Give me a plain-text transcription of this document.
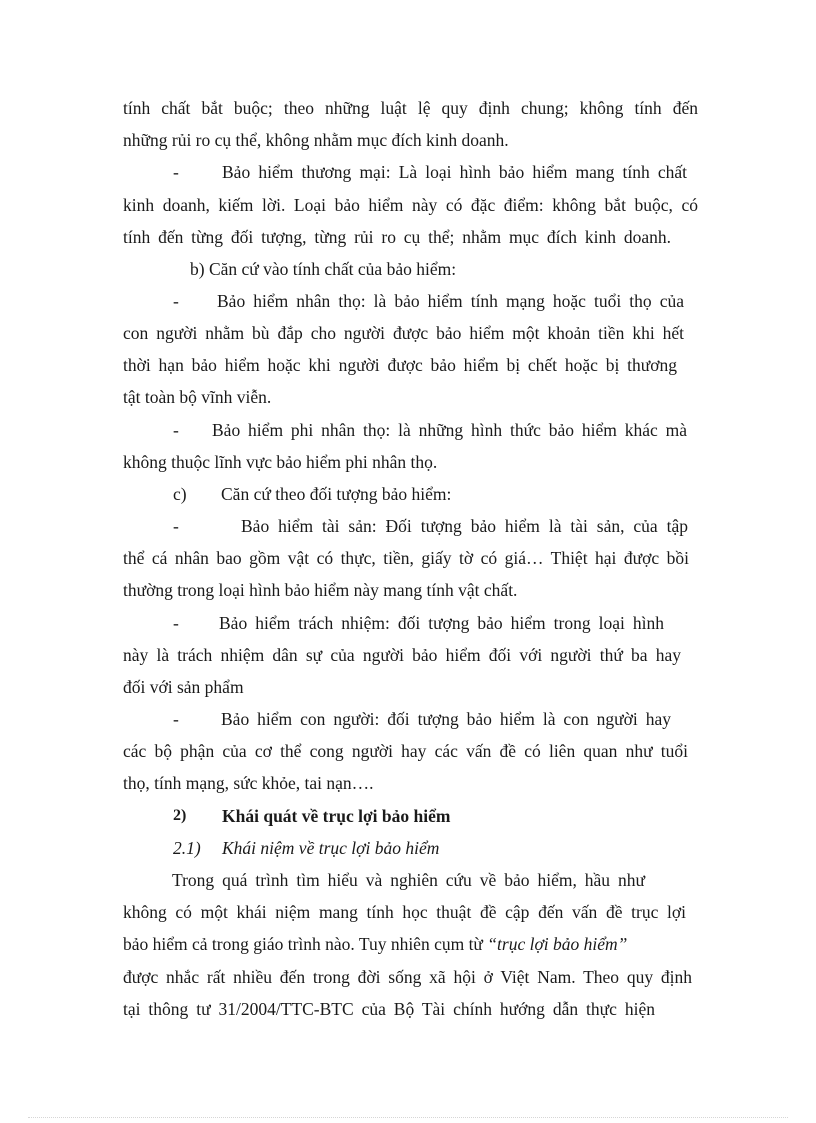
tính chất bắt buộc; theo những luật lệ quy định chung; không tính đến
những rủi ro cụ thể, không nhằm mục đích kinh doanh.
- Bảo hiểm thương mại: Là loại hình bảo hiểm mang tính chất
kinh doanh, kiếm lời. Loại bảo hiểm này có đặc điểm: không bắt buộc, có
tính đến từng đối tượng, từng rủi ro cụ thể; nhằm mục đích kinh doanh.
b) Căn cứ vào tính chất của bảo hiểm:
- Bảo hiểm nhân thọ: là bảo hiểm tính mạng hoặc tuổi thọ của
con người nhằm bù đắp cho người được bảo hiểm một khoản tiền khi hết
thời hạn bảo hiểm hoặc khi người được bảo hiểm bị chết hoặc bị thương
tật toàn bộ vĩnh viễn.
- Bảo hiểm phi nhân thọ: là những hình thức bảo hiểm khác mà
không thuộc lĩnh vực bảo hiểm phi nhân thọ.
c) Căn cứ theo đối tượng bảo hiểm:
-	Bảo hiểm tài sản: Đối tượng bảo hiểm là tài sản, của tập
thể cá nhân bao gồm vật có thực, tiền, giấy tờ có giá… Thiệt hại được bồi
thường trong loại hình bảo hiểm này mang tính vật chất.
- Bảo hiểm trách nhiệm: đối tượng bảo hiểm trong loại hình
này là trách nhiệm dân sự của người bảo hiểm đối với người thứ ba hay
đối với sản phẩm
- Bảo hiểm con người: đối tượng bảo hiểm là con người hay
các bộ phận của cơ thể cong người hay các vấn đề có liên quan như tuổi
thọ, tính mạng, sức khỏe, tai nạn….
2) Khái quát về trục lợi bảo hiểm
2.1) Khái niệm về trục lợi bảo hiểm
Trong quá trình tìm hiểu và nghiên cứu về bảo hiểm, hầu như
không có một khái niệm mang tính học thuật đề cập đến vấn đề trục lợi
bảo hiểm cả trong giáo trình nào. Tuy nhiên cụm từ “trục lợi bảo hiểm”
được nhắc rất nhiều đến trong đời sống xã hội ở Việt Nam. Theo quy định
tại thông tư 31/2004/TTC-BTC của Bộ Tài chính hướng dẫn thực hiện
